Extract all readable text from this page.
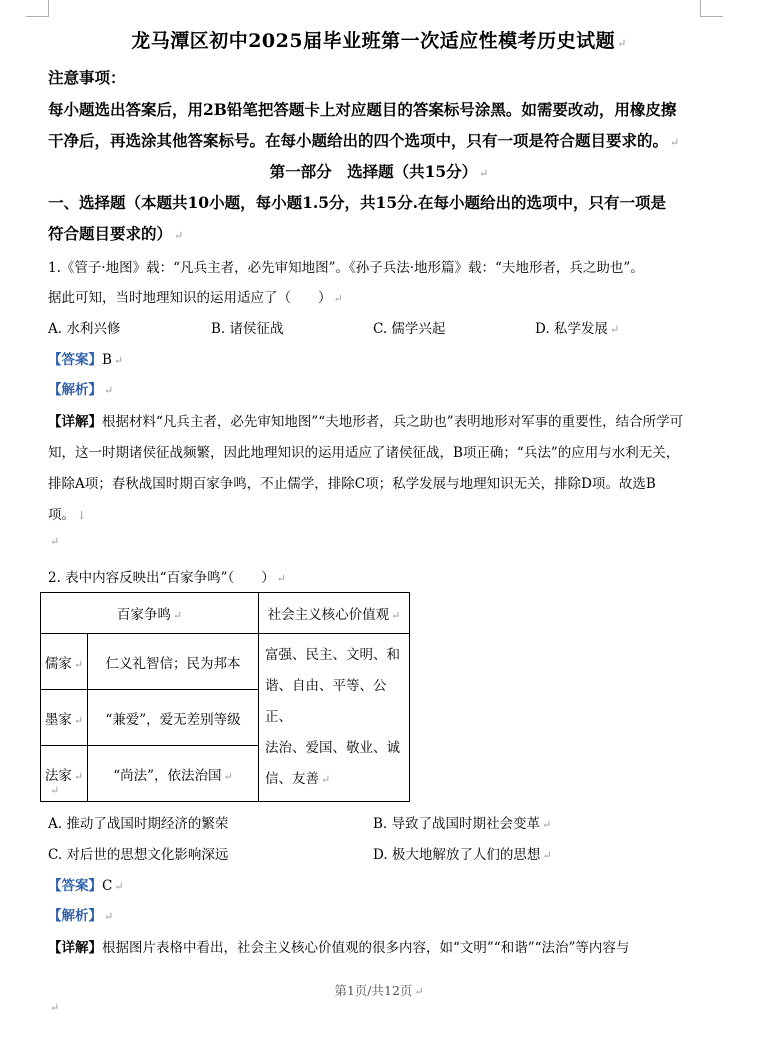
龙马潭区初中2025届毕业班第一次适应性模考历史试题 ↵
注意事项：
每小题选出答案后，用2B铅笔把答题卡上对应题目的答案标号涂黑。如需要改动，用橡皮擦
干净后，再选涂其他答案标号。在每小题给出的四个选项中，只有一项是符合题目要求的。 ↵
第一部分　选择题（共15分） ↵
一、选择题（本题共10小题，每小题1.5分，共15分.在每小题给出的选项中，只有一项是
符合题目要求的） ↵
1.《管子·地图》载：“凡兵主者，必先审知地图”。《孙子兵法·地形篇》载：“夫地形者，兵之助也”。
据此可知，当时地理知识的运用适应了（　　） ↵
A. 水利兴修	B. 诸侯征战	C. 儒学兴起	D. 私学发展 ↵
【答案】B ↵
【解析】 ↵
【详解】根据材料“凡兵主者，必先审知地图”“夫地形者，兵之助也”表明地形对军事的重要性，结合所学可
知，这一时期诸侯征战频繁，因此地理知识的运用适应了诸侯征战，B项正确；“兵法”的应用与水利无关，
排除A项；春秋战国时期百家争鸣，不止儒学，排除C项；私学发展与地理知识无关，排除D项。故选B
项。 ↓
↵
2. 表中内容反映出“百家争鸣”（　　） ↵
百家争鸣 ↵		社会主义核心价值观 ↵
儒家 ↵	仁义礼智信；民为邦本	富强、民主、文明、和
谐、自由、平等、公正、
法治、爱国、敬业、诚
信、友善 ↵

墨家 ↵	“兼爱”，爱无差别等级	
法家 ↵	“尚法”，依法治国 ↵	
↵
A. 推动了战国时期经济的繁荣	B. 导致了战国时期社会变革 ↵
C. 对后世的思想文化影响深远	D. 极大地解放了人们的思想 ↵
【答案】C ↵
【解析】 ↵
【详解】根据图片表格中看出，社会主义核心价值观的很多内容，如“文明”“和谐”“法治”等内容与
第1页/共12页 ↵
↵
